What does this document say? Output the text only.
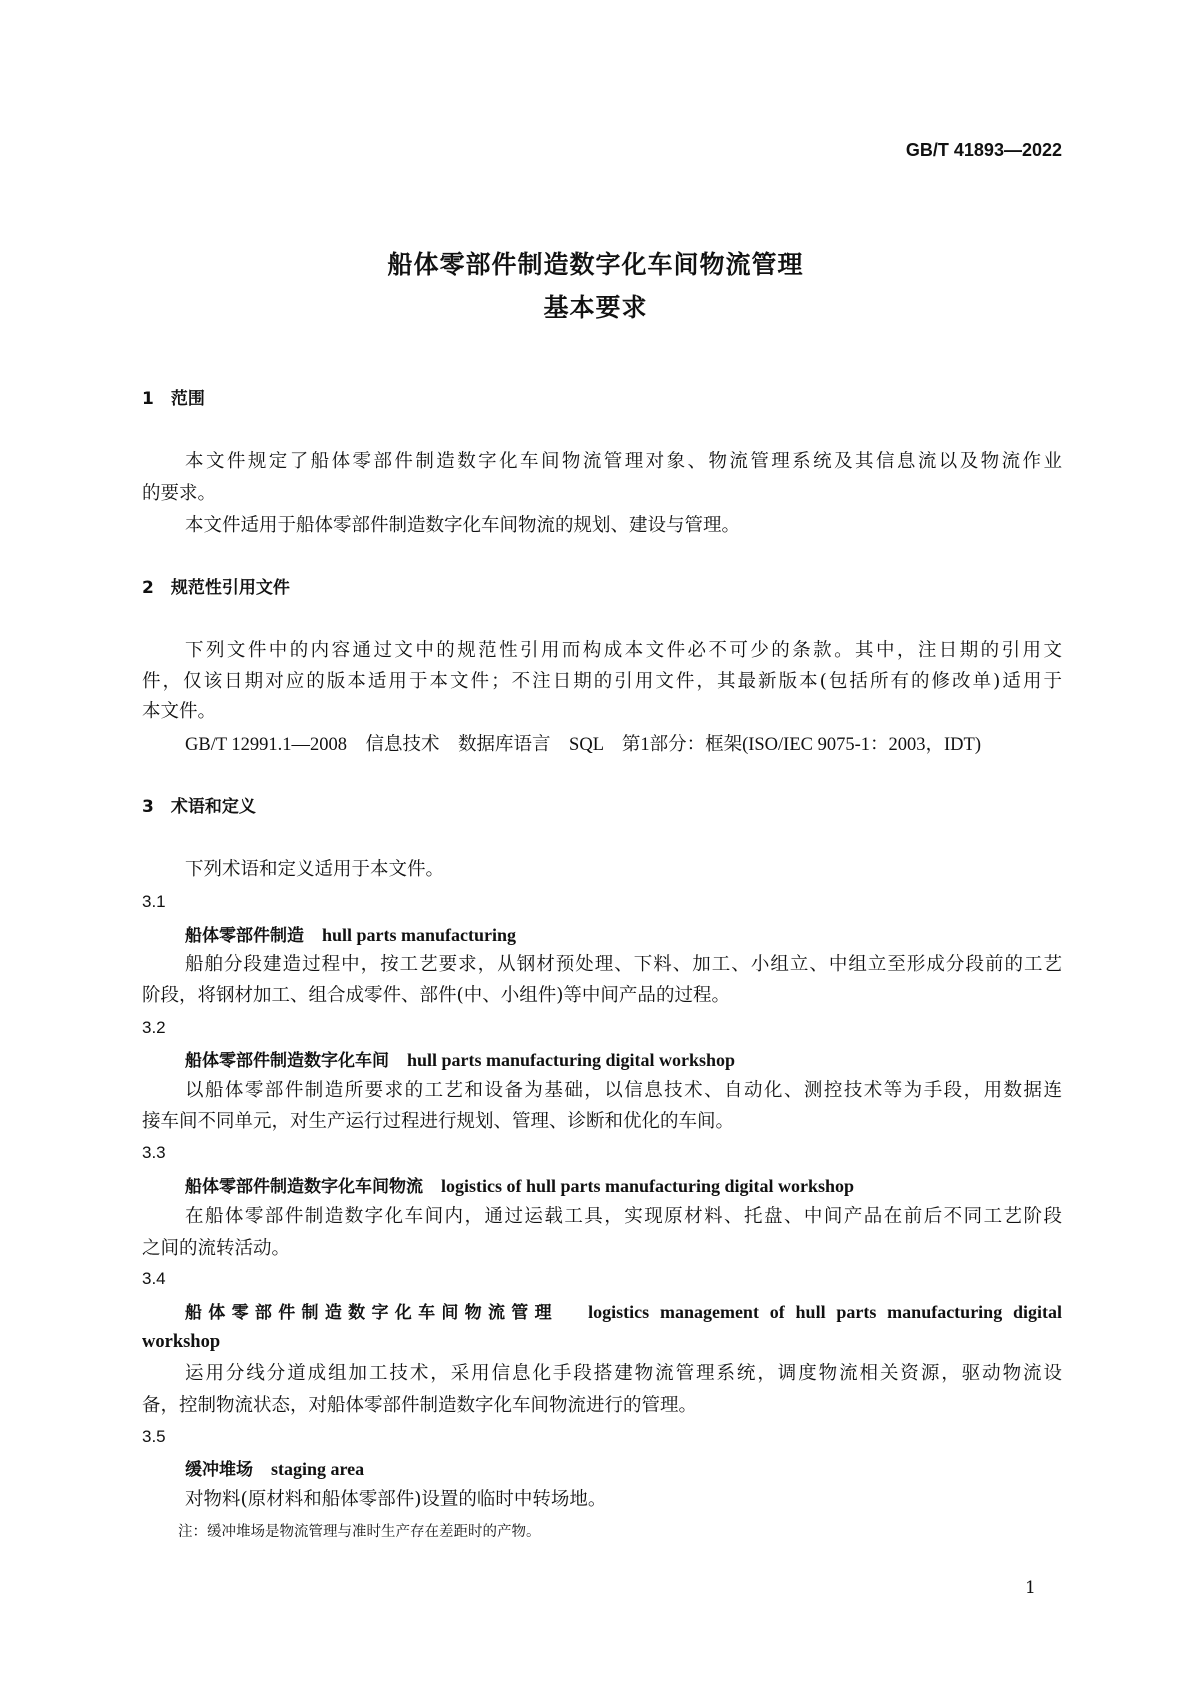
GB/T 41893—2022
船体零部件制造数字化车间物流管理
基本要求
1　范围
本文件规定了船体零部件制造数字化车间物流管理对象、物流管理系统及其信息流以及物流作业
的要求。
本文件适用于船体零部件制造数字化车间物流的规划、建设与管理。
2　规范性引用文件
下列文件中的内容通过文中的规范性引用而构成本文件必不可少的条款。其中，注日期的引用文
件，仅该日期对应的版本适用于本文件；不注日期的引用文件，其最新版本(包括所有的修改单)适用于
本文件。
GB/T 12991.1—2008　信息技术　数据库语言　SQL　第1部分：框架(ISO/IEC 9075-1：2003，IDT)
3　术语和定义
下列术语和定义适用于本文件。
3.1
船体零部件制造 hull parts manufacturing
船舶分段建造过程中，按工艺要求，从钢材预处理、下料、加工、小组立、中组立至形成分段前的工艺
阶段，将钢材加工、组合成零件、部件(中、小组件)等中间产品的过程。
3.2
船体零部件制造数字化车间 hull parts manufacturing digital workshop
以船体零部件制造所要求的工艺和设备为基础，以信息技术、自动化、测控技术等为手段，用数据连
接车间不同单元，对生产运行过程进行规划、管理、诊断和优化的车间。
3.3
船体零部件制造数字化车间物流 logistics of hull parts manufacturing digital workshop
在船体零部件制造数字化车间内，通过运载工具，实现原材料、托盘、中间产品在前后不同工艺阶段
之间的流转活动。
3.4
船体零部件制造数字化车间物流管理 logistics management of hull parts manufacturing digital
workshop
运用分线分道成组加工技术，采用信息化手段搭建物流管理系统，调度物流相关资源，驱动物流设
备，控制物流状态，对船体零部件制造数字化车间物流进行的管理。
3.5
缓冲堆场 staging area
对物料(原材料和船体零部件)设置的临时中转场地。
注：缓冲堆场是物流管理与准时生产存在差距时的产物。
1
